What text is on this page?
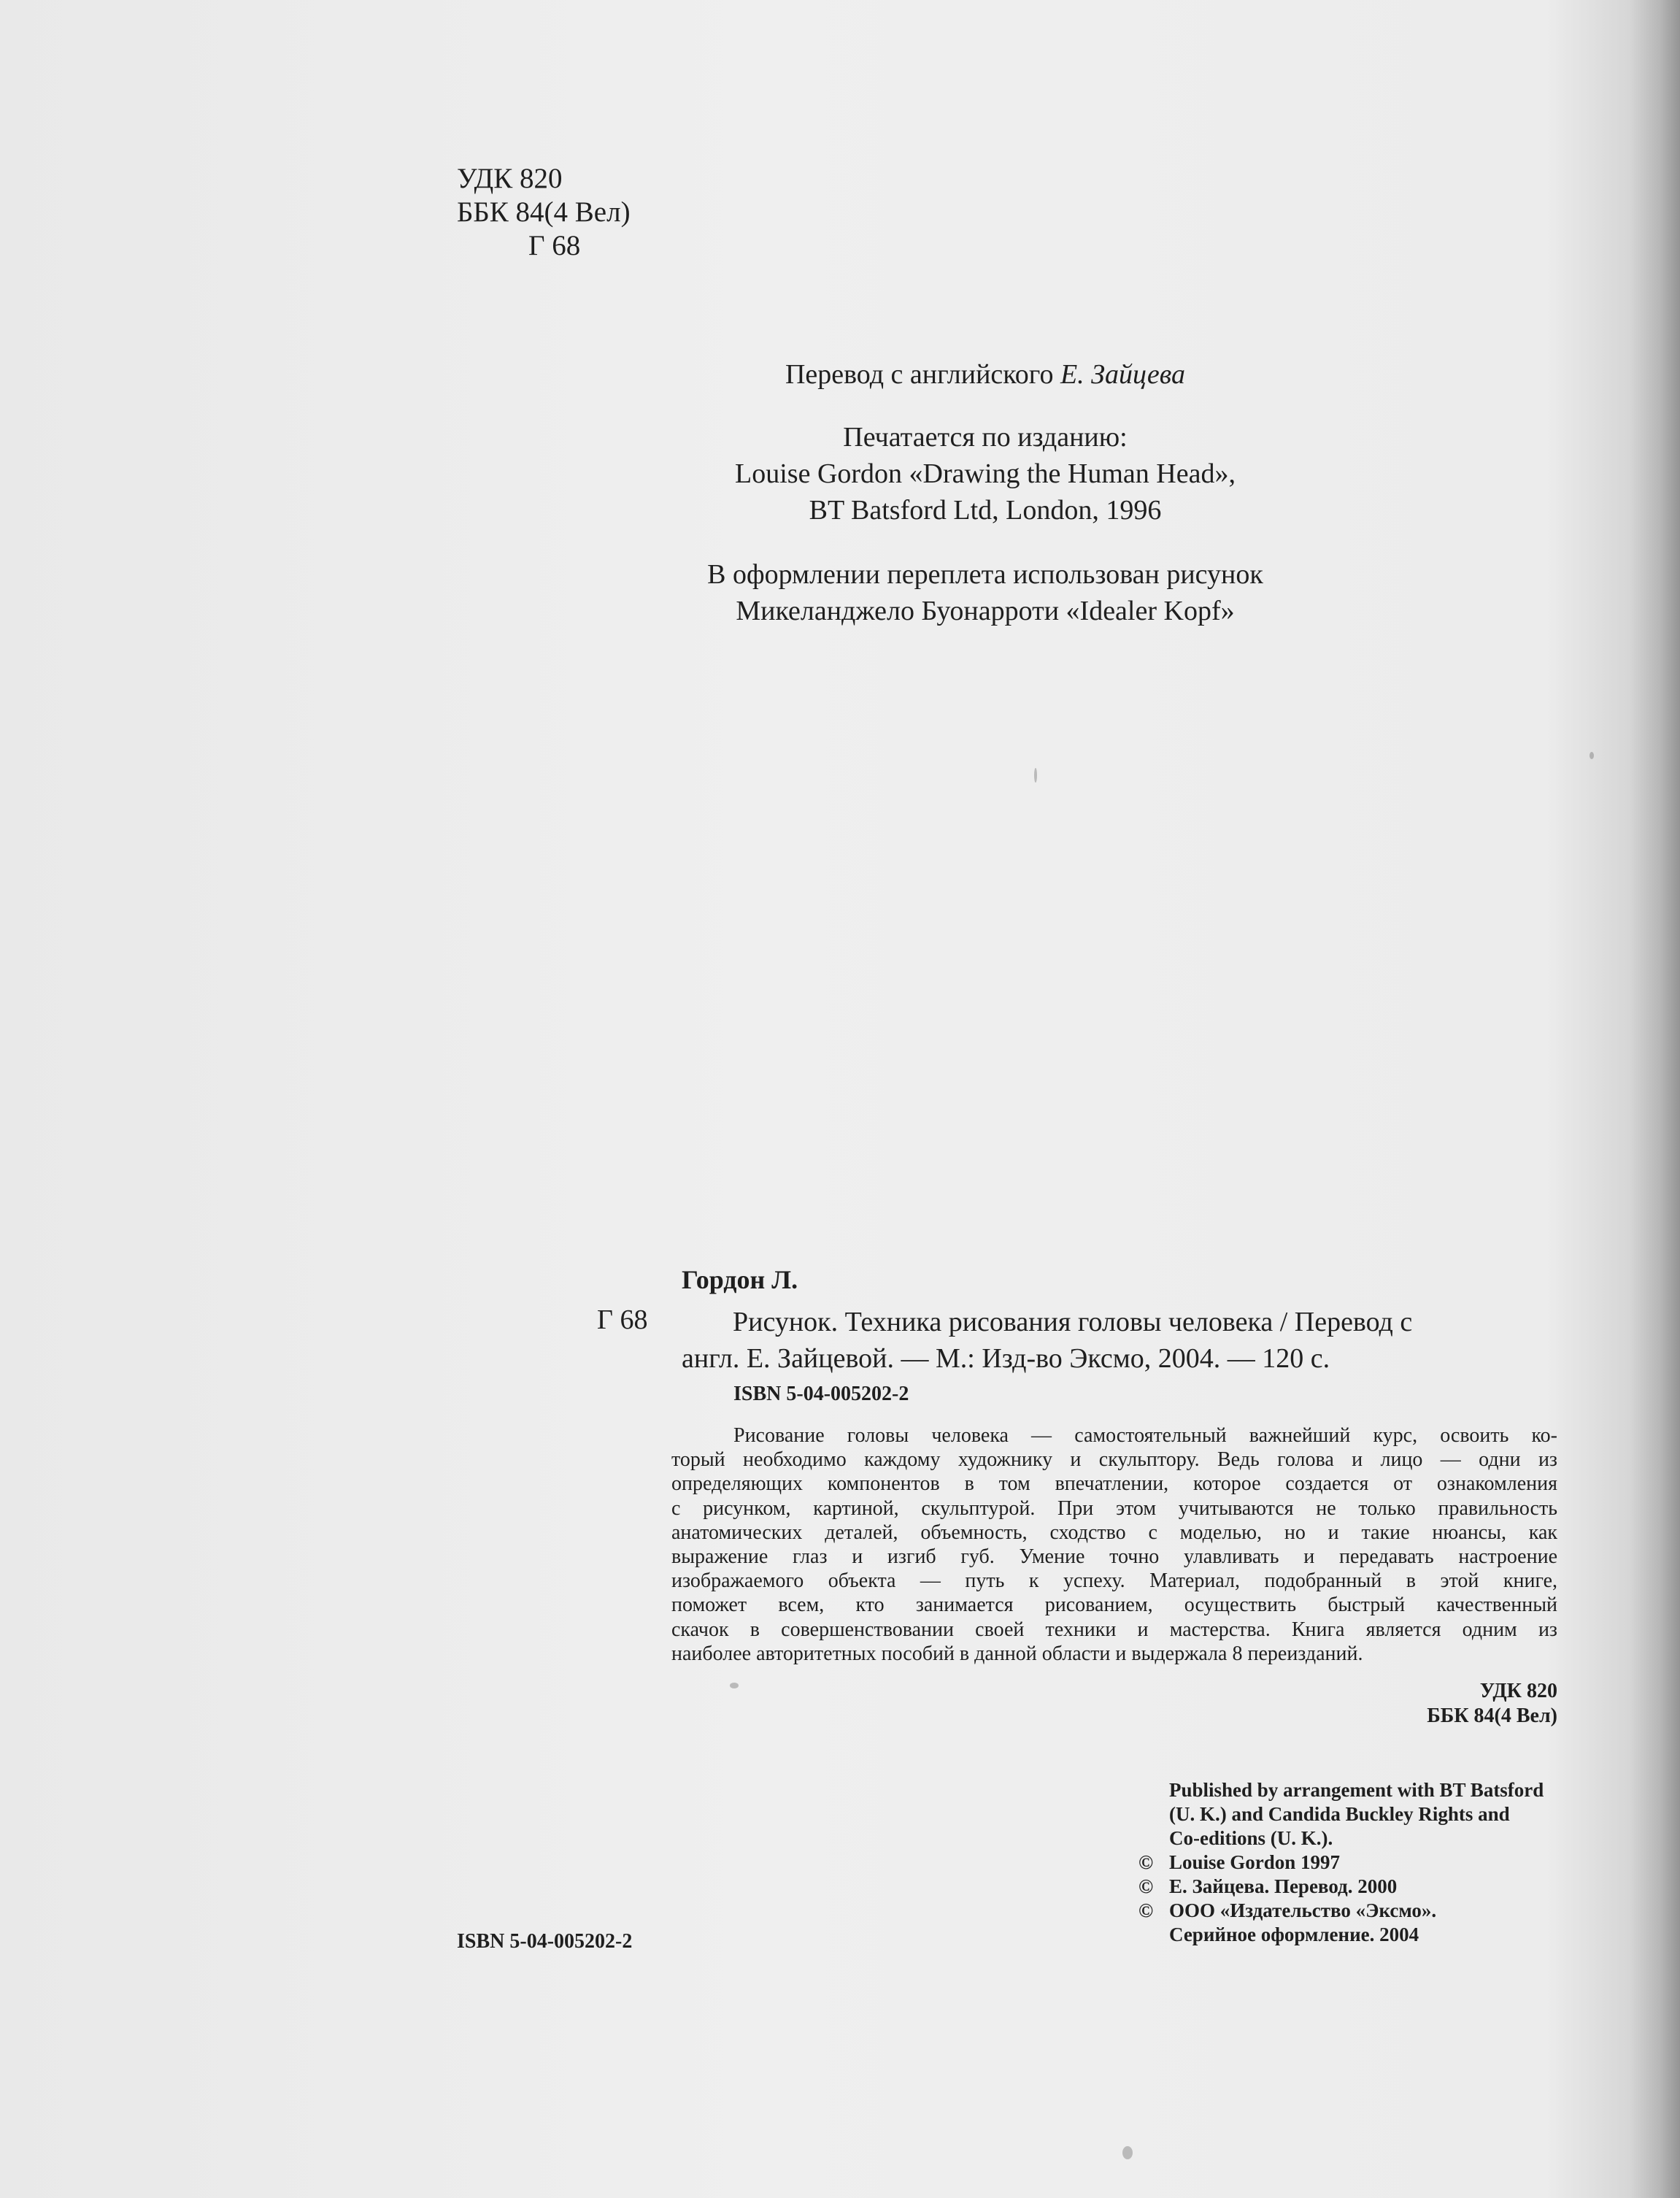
УДК 820
ББК 84(4 Вел)
Г 68
Перевод с английского Е. Зайцева
Печатается по изданию:
Louise Gordon «Drawing the Human Head»,
BT Batsford Ltd, London, 1996
В оформлении переплета использован рисунок
Микеланджело Буонарроти «Idealer Kopf»
Гордон Л.
Г 68	Рисунок. Техника рисования головы человека / Перевод с
англ. Е. Зайцевой. — М.: Изд-во Эксмо, 2004. — 120 с.
ISBN 5-04-005202-2
Рисование головы человека — самостоятельный важнейший курс, освоить ко-
торый необходимо каждому художнику и скульптору. Ведь голова и лицо — одни из
определяющих компонентов в том впечатлении, которое создается от ознакомления
с рисунком, картиной, скульптурой. При этом учитываются не только правильность
анатомических деталей, объемность, сходство с моделью, но и такие нюансы, как
выражение глаз и изгиб губ. Умение точно улавливать и передавать настроение
изображаемого объекта — путь к успеху. Материал, подобранный в этой книге,
поможет всем, кто занимается рисованием, осуществить быстрый качественный
скачок в совершенствовании своей техники и мастерства. Книга является одним из
наиболее авторитетных пособий в данной области и выдержала 8 переизданий.
УДК 820
ББК 84(4 Вел)
Published by arrangement with BT Batsford
(U. K.) and Candida Buckley Rights and
Co-editions (U. K.).
© Louise Gordon 1997
© Е. Зайцева. Перевод. 2000
© ООО «Издательство «Эксмо».
Серийное оформление. 2004
ISBN 5-04-005202-2
